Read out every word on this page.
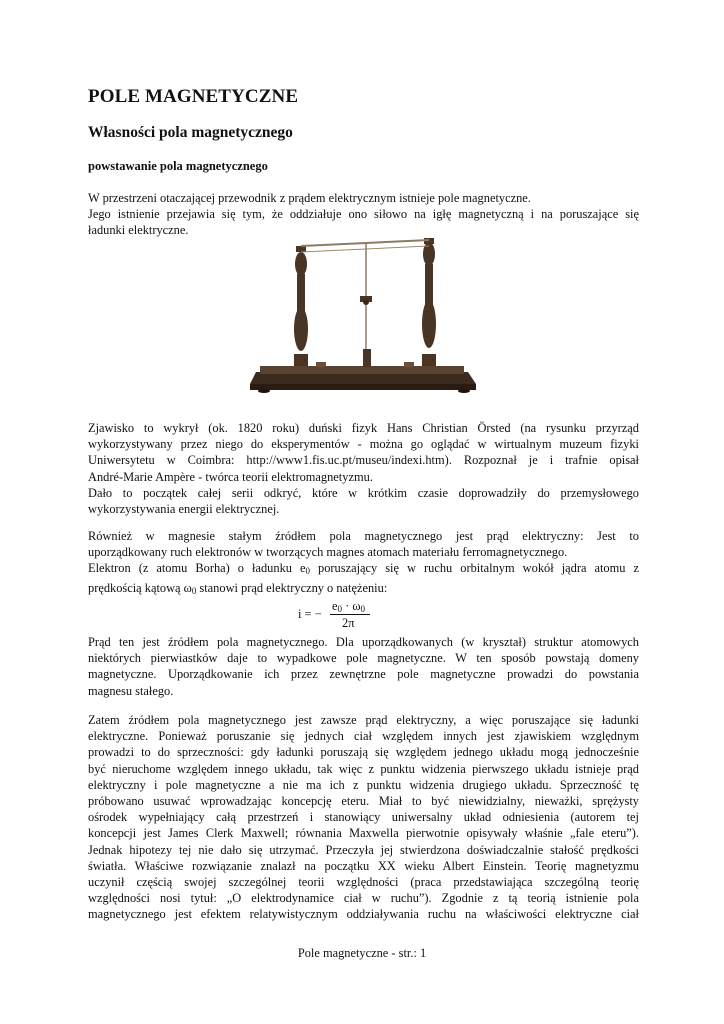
POLE MAGNETYCZNE
Własności pola magnetycznego
powstawanie pola magnetycznego
W przestrzeni otaczającej przewodnik z prądem elektrycznym istnieje pole magnetyczne.
Jego istnienie przejawia się tym, że oddziałuje ono siłowo na igłę magnetyczną i na poruszające się
ładunki elektryczne.
Zjawisko to wykrył (ok. 1820 roku) duński fizyk Hans Christian Örsted (na rysunku przyrząd
wykorzystywany przez niego do eksperymentów - można go oglądać w wirtualnym muzeum fizyki
Uniwersytetu w Coimbra: http://www1.fis.uc.pt/museu/indexi.htm). Rozpoznał je i trafnie opisał
André-Marie Ampère - twórca teorii elektromagnetyzmu.
Dało to początek całej serii odkryć, które w krótkim czasie doprowadziły do przemysłowego
wykorzystywania energii elektrycznej.
Również w magnesie stałym źródłem pola magnetycznego jest prąd elektryczny: Jest to
uporządkowany ruch elektronów w tworzących magnes atomach materiału ferromagnetycznego.
Elektron (z atomu Borha) o ładunku $e_0$ poruszający się w ruchu orbitalnym wokół jądra atomu z
prędkością kątową $\omega_0$ stanowi prąd elektryczny o natężeniu:
i = −
$e_0 \cdot \omega_0$
2π
Prąd ten jest źródłem pola magnetycznego. Dla uporządkowanych (w kryształ) struktur atomowych
niektórych pierwiastków daje to wypadkowe pole magnetyczne. W ten sposób powstają domeny
magnetyczne. Uporządkowanie ich przez zewnętrzne pole magnetyczne prowadzi do powstania
magnesu stałego.
Zatem źródłem pola magnetycznego jest zawsze prąd elektryczny, a więc poruszające się ładunki
elektryczne. Ponieważ poruszanie się jednych ciał względem innych jest zjawiskiem względnym
prowadzi to do sprzeczności: gdy ładunki poruszają się względem jednego układu mogą jednocześnie
być nieruchome względem innego układu, tak więc z punktu widzenia pierwszego układu istnieje prąd
elektryczny i pole magnetyczne a nie ma ich z punktu widzenia drugiego układu. Sprzeczność tę
próbowano usuwać wprowadzając koncepcję eteru. Miał to być niewidzialny, nieważki, sprężysty
ośrodek wypełniający całą przestrzeń i stanowiący uniwersalny układ odniesienia (autorem tej
koncepcji jest James Clerk Maxwell; równania Maxwella pierwotnie opisywały właśnie „fale eteru”).
Jednak hipotezy tej nie dało się utrzymać. Przeczyła jej stwierdzona doświadczalnie stałość prędkości
światła. Właściwe rozwiązanie znalazł na początku XX wieku Albert Einstein. Teorię magnetyzmu
uczynił częścią swojej szczególnej teorii względności (praca przedstawiająca szczególną teorię
względności nosi tytuł: „O elektrodynamice ciał w ruchu”). Zgodnie z tą teorią istnienie pola
magnetycznego jest efektem relatywistycznym oddziaływania ruchu na właściwości elektryczne ciał
Pole magnetyczne - str.: 1
